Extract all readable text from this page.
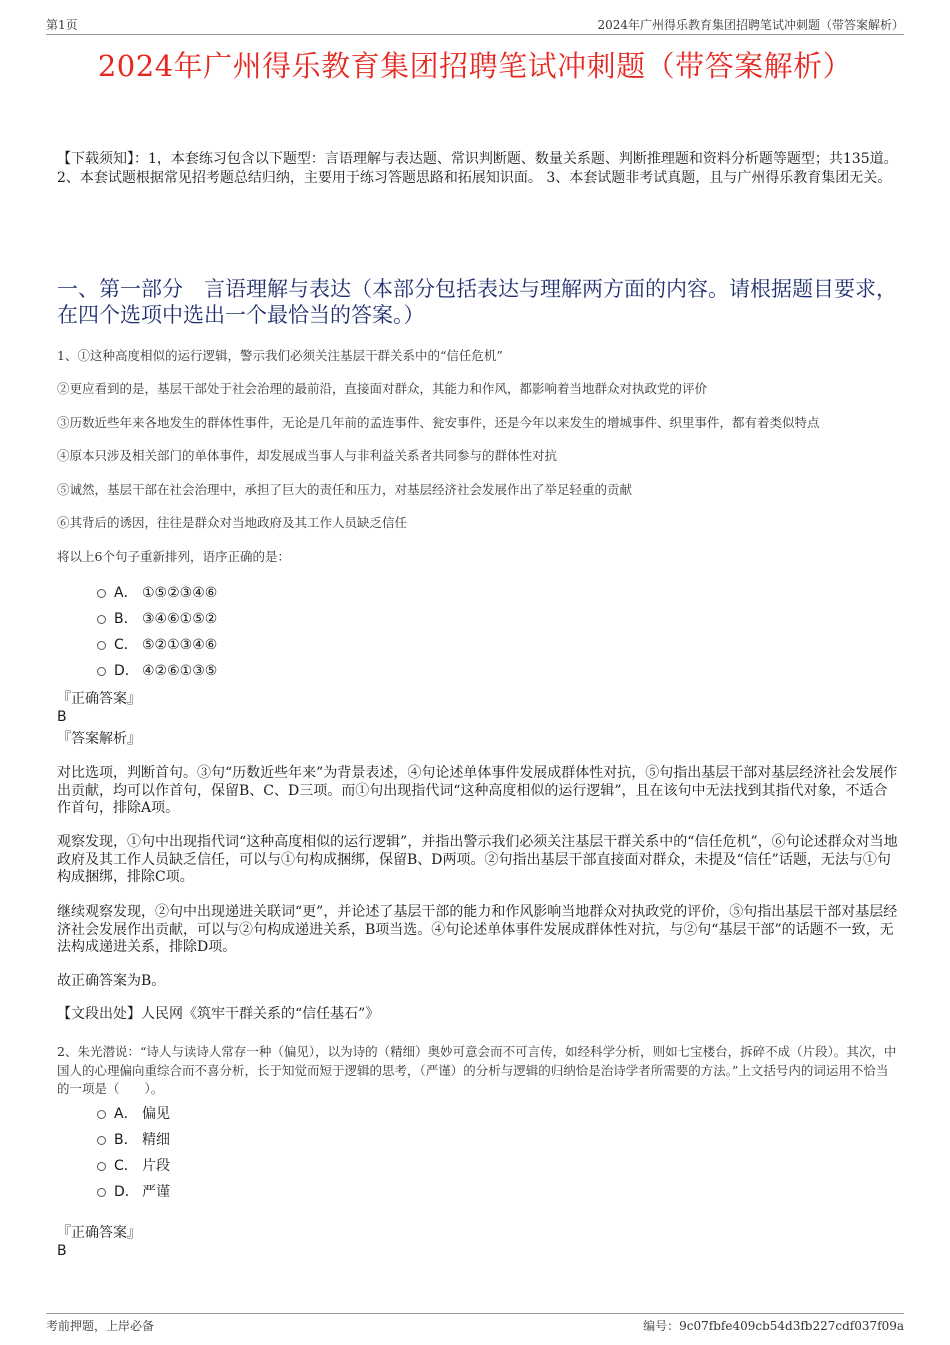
第1页	2024年广州得乐教育集团招聘笔试冲刺题（带答案解析）
2024年广州得乐教育集团招聘笔试冲刺题（带答案解析）
【下载须知】：1，本套练习包含以下题型：言语理解与表达题、常识判断题、数量关系题、判断推理题和资料分析题等题型；共135道。 2、本套试题根据常见招考题总结归纳，主要用于练习答题思路和拓展知识面。 3、本套试题非考试真题，且与广州得乐教育集团无关。
一、第一部分　言语理解与表达（本部分包括表达与理解两方面的内容。请根据题目要求，在四个选项中选出一个最恰当的答案。）
1、①这种高度相似的运行逻辑，警示我们必须关注基层干群关系中的“信任危机”
②更应看到的是，基层干部处于社会治理的最前沿，直接面对群众，其能力和作风，都影响着当地群众对执政党的评价
③历数近些年来各地发生的群体性事件，无论是几年前的孟连事件、瓮安事件，还是今年以来发生的增城事件、织里事件，都有着类似特点
④原本只涉及相关部门的单体事件，却发展成当事人与非利益关系者共同参与的群体性对抗
⑤诚然，基层干部在社会治理中，承担了巨大的责任和压力，对基层经济社会发展作出了举足轻重的贡献
⑥其背后的诱因，往往是群众对当地政府及其工作人员缺乏信任
将以上6个句子重新排列，语序正确的是：
A． ①⑤②③④⑥
B． ③④⑥①⑤②
C． ⑤②①③④⑥
D． ④②⑥①③⑤
『正确答案』
B
『答案解析』
对比选项，判断首句。③句“历数近些年来”为背景表述，④句论述单体事件发展成群体性对抗，⑤句指出基层干部对基层经济社会发展作出贡献，均可以作首句，保留B、C、D三项。而①句出现指代词“这种高度相似的运行逻辑”，且在该句中无法找到其指代对象，不适合作首句，排除A项。
观察发现，①句中出现指代词“这种高度相似的运行逻辑”，并指出警示我们必须关注基层干群关系中的“信任危机”，⑥句论述群众对当地政府及其工作人员缺乏信任，可以与①句构成捆绑，保留B、D两项。②句指出基层干部直接面对群众，未提及“信任”话题，无法与①句构成捆绑，排除C项。
继续观察发现，②句中出现递进关联词“更”，并论述了基层干部的能力和作风影响当地群众对执政党的评价，⑤句指出基层干部对基层经济社会发展作出贡献，可以与②句构成递进关系，B项当选。④句论述单体事件发展成群体性对抗，与②句“基层干部”的话题不一致，无法构成递进关系，排除D项。
故正确答案为B。
【文段出处】人民网《筑牢干群关系的“信任基石”》
2、朱光潜说：“诗人与读诗人常存一种（偏见），以为诗的（精细）奥妙可意会而不可言传，如经科学分析，则如七宝楼台，拆碎不成（片段）。其次，中国人的心理偏向重综合而不喜分析，长于知觉而短于逻辑的思考，（严谨）的分析与逻辑的归纳恰是治诗学者所需要的方法。”上文括号内的词运用不恰当的一项是（　　）。
A． 偏见
B． 精细
C． 片段
D． 严谨
『正确答案』
B
考前押题，上岸必备	编号：9c07fbfe409cb54d3fb227cdf037f09a
